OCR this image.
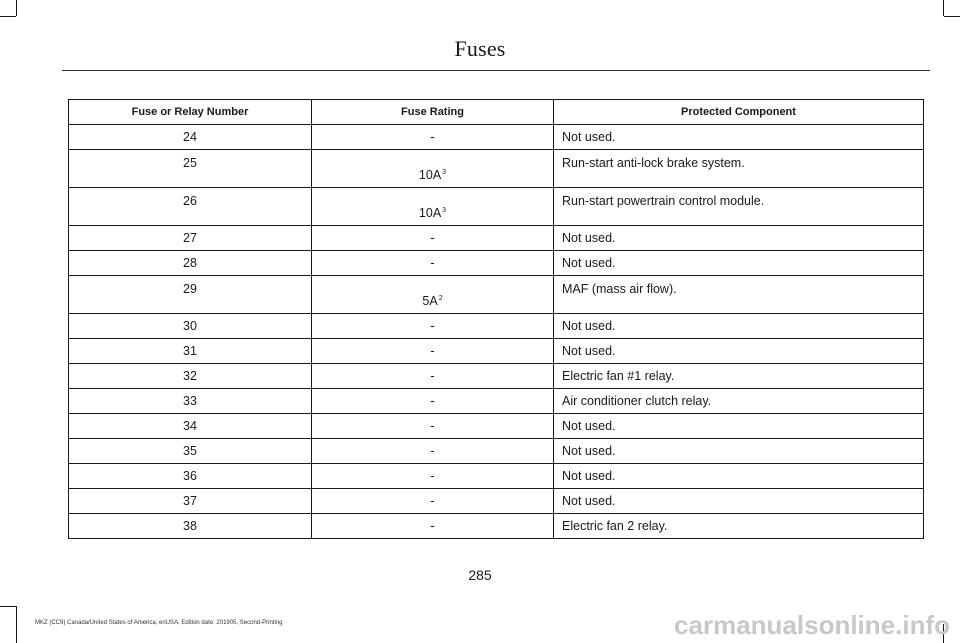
Fuses
Fuse or Relay Number	Fuse Rating	Protected Component
24	-	Not used.
25	10A$^3$	Run-start anti-lock brake system.
26	10A$^3$	Run-start powertrain control module.
27	-	Not used.
28	-	Not used.
29	5A$^2$	MAF (mass air flow).
30	-	Not used.
31	-	Not used.
32	-	Electric fan #1 relay.
33	-	Air conditioner clutch relay.
34	-	Not used.
35	-	Not used.
36	-	Not used.
37	-	Not used.
38	-	Electric fan 2 relay.
285
MKZ (CC9) Canada/United States of America, enUSA, Edition date: 201905, Second-Printing	carmanualsonline.info
